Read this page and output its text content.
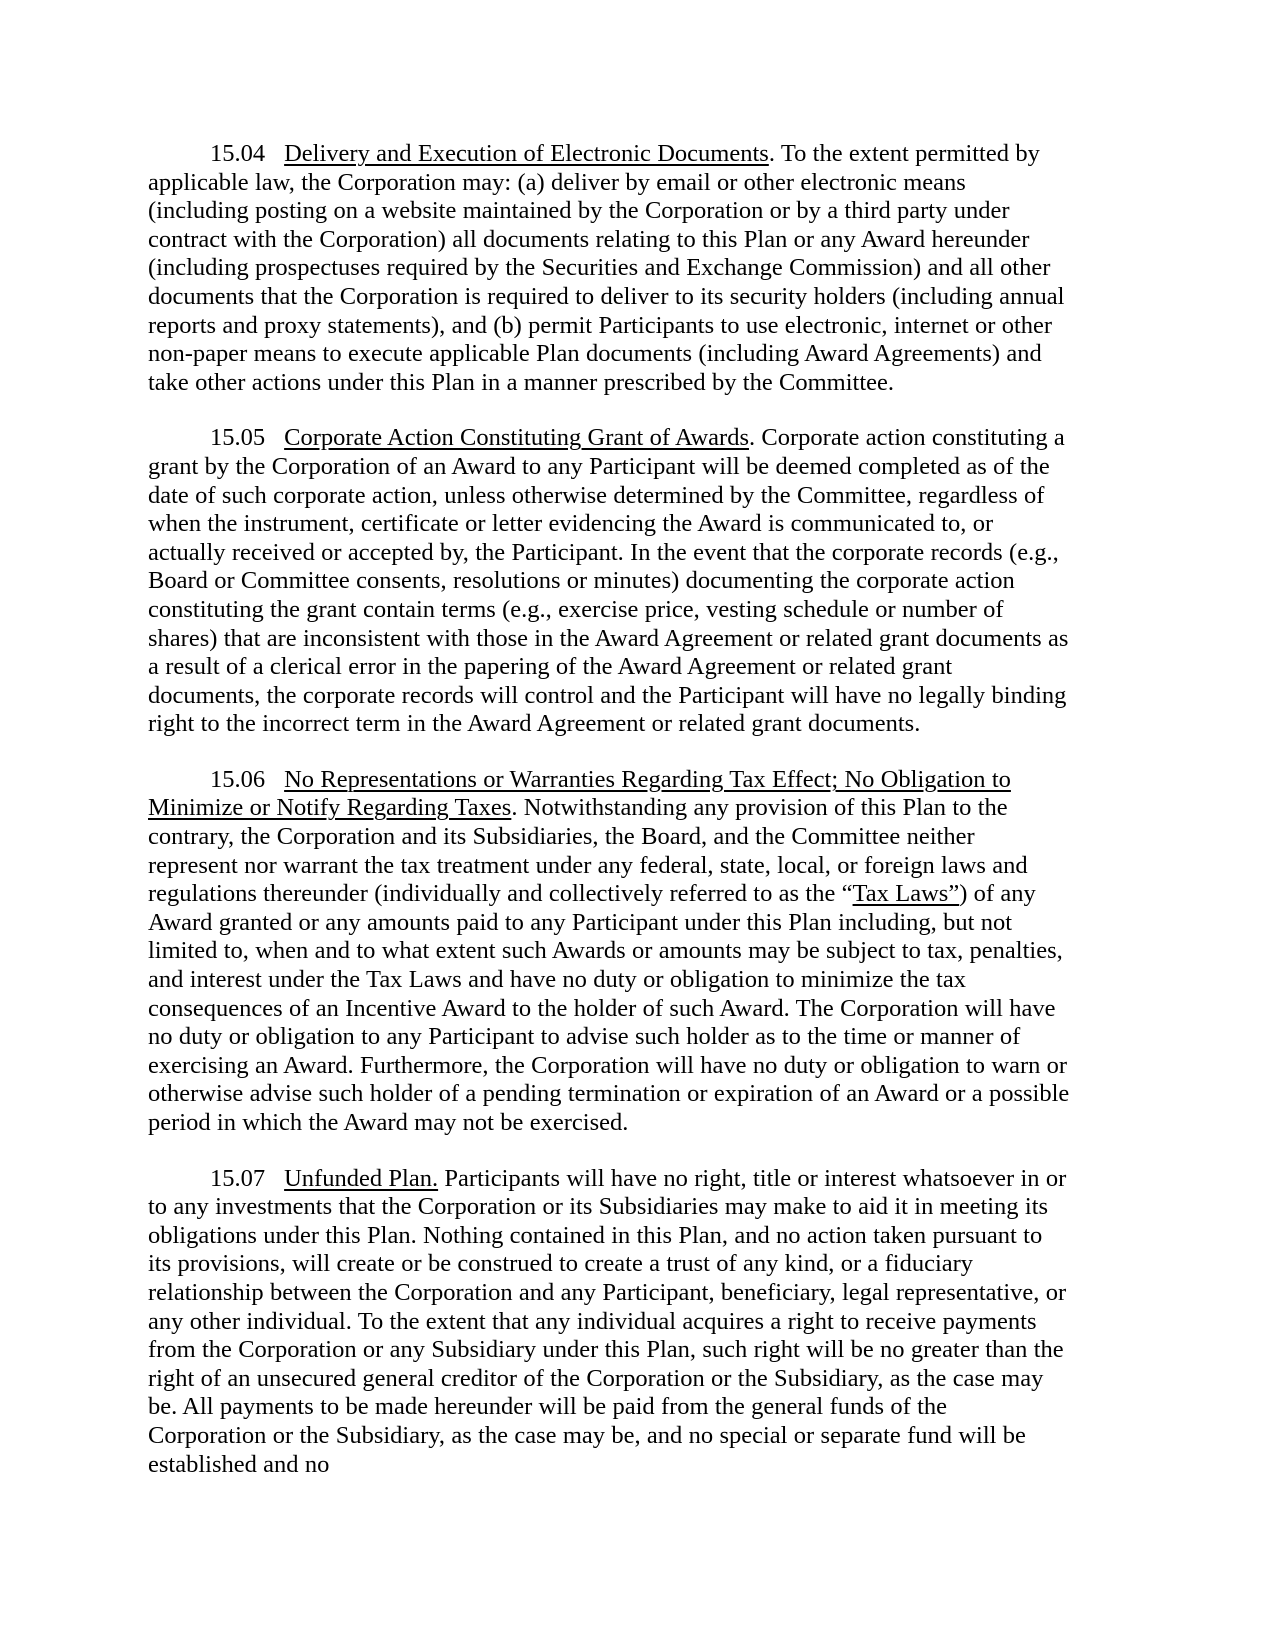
15.04 Delivery and Execution of Electronic Documents. To the extent permitted by applicable law, the Corporation may: (a) deliver by email or other electronic means (including posting on a website maintained by the Corporation or by a third party under contract with the Corporation) all documents relating to this Plan or any Award hereunder (including prospectuses required by the Securities and Exchange Commission) and all other documents that the Corporation is required to deliver to its security holders (including annual reports and proxy statements), and (b) permit Participants to use electronic, internet or other non-paper means to execute applicable Plan documents (including Award Agreements) and take other actions under this Plan in a manner prescribed by the Committee.

15.05 Corporate Action Constituting Grant of Awards. Corporate action constituting a grant by the Corporation of an Award to any Participant will be deemed completed as of the date of such corporate action, unless otherwise determined by the Committee, regardless of when the instrument, certificate or letter evidencing the Award is communicated to, or actually received or accepted by, the Participant. In the event that the corporate records (e.g., Board or Committee consents, resolutions or minutes) documenting the corporate action constituting the grant contain terms (e.g., exercise price, vesting schedule or number of shares) that are inconsistent with those in the Award Agreement or related grant documents as a result of a clerical error in the papering of the Award Agreement or related grant documents, the corporate records will control and the Participant will have no legally binding right to the incorrect term in the Award Agreement or related grant documents.

15.06 No Representations or Warranties Regarding Tax Effect; No Obligation to Minimize or Notify Regarding Taxes. Notwithstanding any provision of this Plan to the contrary, the Corporation and its Subsidiaries, the Board, and the Committee neither represent nor warrant the tax treatment under any federal, state, local, or foreign laws and regulations thereunder (individually and collectively referred to as the “Tax Laws”) of any Award granted or any amounts paid to any Participant under this Plan including, but not limited to, when and to what extent such Awards or amounts may be subject to tax, penalties, and interest under the Tax Laws and have no duty or obligation to minimize the tax consequences of an Incentive Award to the holder of such Award. The Corporation will have no duty or obligation to any Participant to advise such holder as to the time or manner of exercising an Award. Furthermore, the Corporation will have no duty or obligation to warn or otherwise advise such holder of a pending termination or expiration of an Award or a possible period in which the Award may not be exercised.

15.07 Unfunded Plan. Participants will have no right, title or interest whatsoever in or to any investments that the Corporation or its Subsidiaries may make to aid it in meeting its obligations under this Plan. Nothing contained in this Plan, and no action taken pursuant to its provisions, will create or be construed to create a trust of any kind, or a fiduciary relationship between the Corporation and any Participant, beneficiary, legal representative, or any other individual. To the extent that any individual acquires a right to receive payments from the Corporation or any Subsidiary under this Plan, such right will be no greater than the right of an unsecured general creditor of the Corporation or the Subsidiary, as the case may be. All payments to be made hereunder will be paid from the general funds of the Corporation or the Subsidiary, as the case may be, and no special or separate fund will be established and no
